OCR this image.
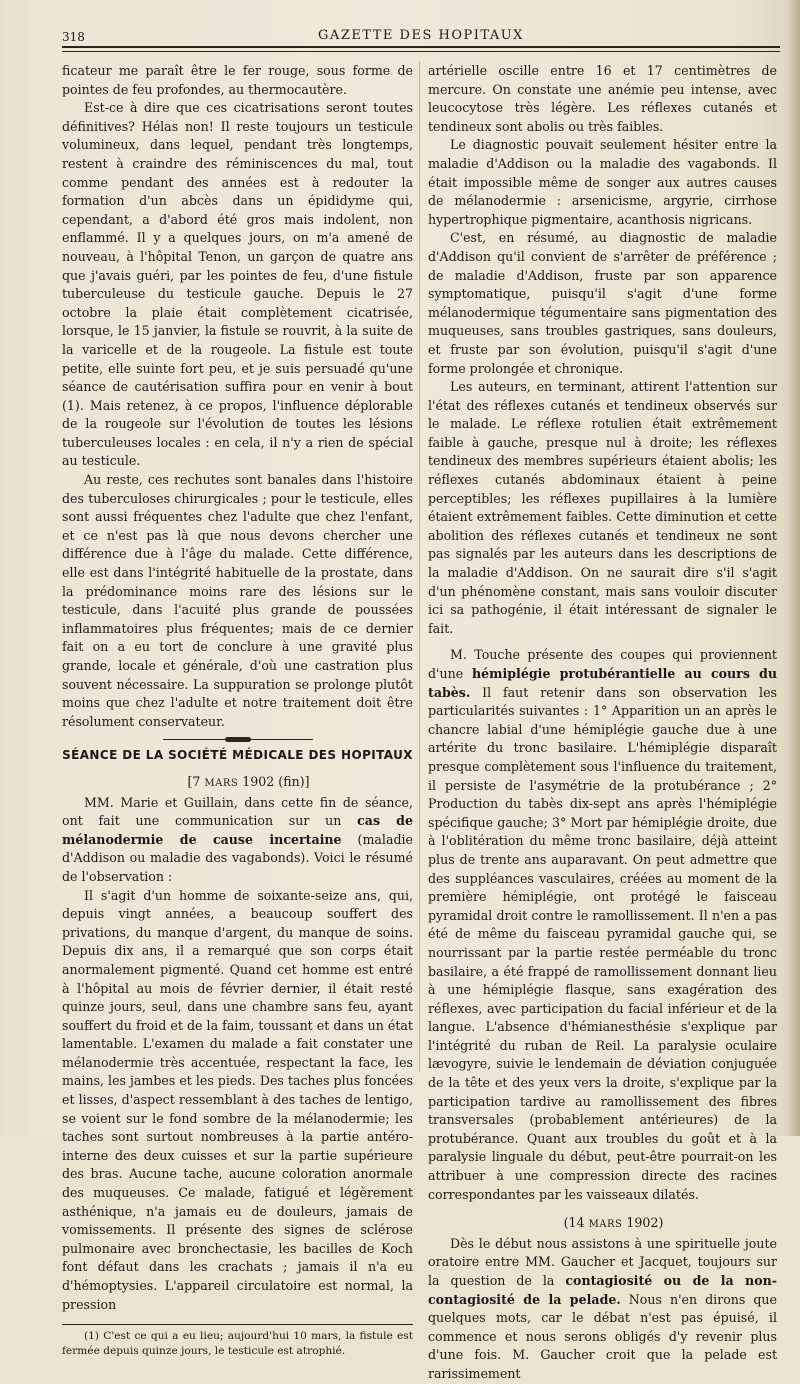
318	GAZETTE DES HOPITAUX

ficateur me paraît être le fer rouge, sous forme de pointes de feu profondes, au thermocautère.

Est-ce à dire que ces cicatrisations seront toutes définitives? Hélas non! Il reste toujours un testicule volumineux, dans lequel, pendant très longtemps, restent à craindre des réminiscences du mal, tout comme pendant des années est à redouter la formation d'un abcès dans un épididyme qui, cependant, a d'abord été gros mais indolent, non enflammé. Il y a quelques jours, on m'a amené de nouveau, à l'hôpital Tenon, un garçon de quatre ans que j'avais guéri, par les pointes de feu, d'une fistule tuberculeuse du testicule gauche. Depuis le 27 octobre la plaie était complètement cicatrisée, lorsque, le 15 janvier, la fistule se rouvrit, à la suite de la varicelle et de la rougeole. La fistule est toute petite, elle suinte fort peu, et je suis persuadé qu'une séance de cautérisation suffira pour en venir à bout (1). Mais retenez, à ce propos, l'influence déplorable de la rougeole sur l'évolution de toutes les lésions tuberculeuses locales : en cela, il n'y a rien de spécial au testicule.

Au reste, ces rechutes sont banales dans l'histoire des tuberculoses chirurgicales ; pour le testicule, elles sont aussi fréquentes chez l'adulte que chez l'enfant, et ce n'est pas là que nous devons chercher une différence due à l'âge du malade. Cette différence, elle est dans l'intégrité habituelle de la prostate, dans la prédominance moins rare des lésions sur le testicule, dans l'acuité plus grande de poussées inflammatoires plus fréquentes; mais de ce dernier fait on a eu tort de conclure à une gravité plus grande, locale et générale, d'où une castration plus souvent nécessaire. La suppuration se prolonge plutôt moins que chez l'adulte et notre traitement doit être résolument conservateur.

SÉANCE DE LA SOCIÉTÉ MÉDICALE DES HOPITAUX

[7 MARS 1902 (fin)]

MM. Marie et Guillain, dans cette fin de séance, ont fait une communication sur un cas de mélanodermie de cause incertaine (maladie d'Addison ou maladie des vagabonds). Voici le résumé de l'observation :

Il s'agit d'un homme de soixante-seize ans, qui, depuis vingt années, a beaucoup souffert des privations, du manque d'argent, du manque de soins. Depuis dix ans, il a remarqué que son corps était anormalement pigmenté. Quand cet homme est entré à l'hôpital au mois de février dernier, il était resté quinze jours, seul, dans une chambre sans feu, ayant souffert du froid et de la faim, toussant et dans un état lamentable. L'examen du malade a fait constater une mélanodermie très accentuée, respectant la face, les mains, les jambes et les pieds. Des taches plus foncées et lisses, d'aspect ressemblant à des taches de lentigo, se voient sur le fond sombre de la mélanodermie; les taches sont surtout nombreuses à la partie antéro-interne des deux cuisses et sur la partie supérieure des bras. Aucune tache, aucune coloration anormale des muqueuses. Ce malade, fatigué et légèrement asthénique, n'a jamais eu de douleurs, jamais de vomissements. Il présente des signes de sclérose pulmonaire avec bronchectasie, les bacilles de Koch font défaut dans les crachats ; jamais il n'a eu d'hémoptysies. L'appareil circulatoire est normal, la pression

(1) C'est ce qui a eu lieu; aujourd'hui 10 mars, la fistule est fermée depuis quinze jours, le testicule est atrophié.

artérielle oscille entre 16 et 17 centimètres de mercure. On constate une anémie peu intense, avec leucocytose très légère. Les réflexes cutanés et tendineux sont abolis ou très faibles.

Le diagnostic pouvait seulement hésiter entre la maladie d'Addison ou la maladie des vagabonds. Il était impossible même de songer aux autres causes de mélanodermie : arsenicisme, argyrie, cirrhose hypertrophique pigmentaire, acanthosis nigricans.

C'est, en résumé, au diagnostic de maladie d'Addison qu'il convient de s'arrêter de préférence ; de maladie d'Addison, fruste par son apparence symptomatique, puisqu'il s'agit d'une forme mélanodermique tégumentaire sans pigmentation des muqueuses, sans troubles gastriques, sans douleurs, et fruste par son évolution, puisqu'il s'agit d'une forme prolongée et chronique.

Les auteurs, en terminant, attirent l'attention sur l'état des réflexes cutanés et tendineux observés sur le malade. Le réflexe rotulien était extrêmement faible à gauche, presque nul à droite; les réflexes tendineux des membres supérieurs étaient abolis; les réflexes cutanés abdominaux étaient à peine perceptibles; les réflexes pupillaires à la lumière étaient extrêmement faibles. Cette diminution et cette abolition des réflexes cutanés et tendineux ne sont pas signalés par les auteurs dans les descriptions de la maladie d'Addison. On ne saurait dire s'il s'agit d'un phénomène constant, mais sans vouloir discuter ici sa pathogénie, il était intéressant de signaler le fait.

M. Touche présente des coupes qui proviennent d'une hémiplégie protubérantielle au cours du tabès. Il faut retenir dans son observation les particularités suivantes : 1° Apparition un an après le chancre labial d'une hémiplégie gauche due à une artérite du tronc basilaire. L'hémiplégie disparaît presque complètement sous l'influence du traitement, il persiste de l'asymétrie de la protubérance ; 2° Production du tabès dix-sept ans après l'hémiplégie spécifique gauche; 3° Mort par hémiplégie droite, due à l'oblitération du même tronc basilaire, déjà atteint plus de trente ans auparavant. On peut admettre que des suppléances vasculaires, créées au moment de la première hémiplégie, ont protégé le faisceau pyramidal droit contre le ramollissement. Il n'en a pas été de même du faisceau pyramidal gauche qui, se nourrissant par la partie restée perméable du tronc basilaire, a été frappé de ramollissement donnant lieu à une hémiplégie flasque, sans exagération des réflexes, avec participation du facial inférieur et de la langue. L'absence d'hémianesthésie s'explique par l'intégrité du ruban de Reil. La paralysie oculaire lævogyre, suivie le lendemain de déviation conjuguée de la tête et des yeux vers la droite, s'explique par la participation tardive au ramollissement des fibres transversales (probablement antérieures) de la protubérance. Quant aux troubles du goût et à la paralysie linguale du début, peut-être pourrait-on les attribuer à une compression directe des racines correspondantes par les vaisseaux dilatés.

(14 MARS 1902)

Dès le début nous assistons à une spirituelle joute oratoire entre MM. Gaucher et Jacquet, toujours sur la question de la contagiosité ou de la non-contagiosité de la pelade. Nous n'en dirons que quelques mots, car le débat n'est pas épuisé, il commence et nous serons obligés d'y revenir plus d'une fois. M. Gaucher croit que la pelade est rarissimement
